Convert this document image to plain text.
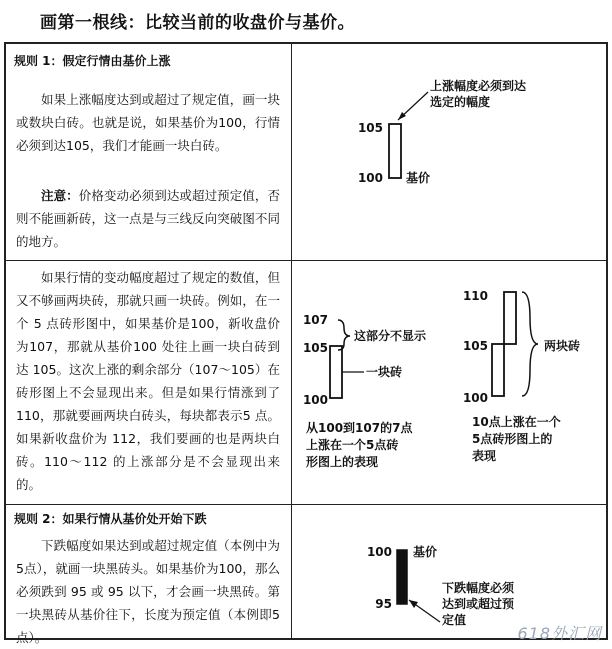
画第一根线：比较当前的收盘价与基价。
规则 1：假定行情由基价上涨
如果上涨幅度达到或超过了规定值，画一块或数块白砖。也就是说，如果基价为100，行情必须到达105，我们才能画一块白砖。
注意：价格变动必须到达或超过预定值，否则不能画新砖，这一点是与三线反向突破图不同的地方。
105
100 基价
上涨幅度必须到达
选定的幅度
如果行情的变动幅度超过了规定的数值，但又不够画两块砖，那就只画一块砖。例如，在一个 5 点砖形图中，如果基价是100，新收盘价为107，那就从基价100 处往上画一块白砖到达 105。这次上涨的剩余部分（107～105）在砖形图上不会显现出来。但是如果行情涨到了110，那就要画两块白砖头，每块都表示5 点。如果新收盘价为 112，我们要画的也是两块白砖。110～112 的上涨部分是不会显现出来的。
107
105
100
这部分不显示
一块砖
从100到107的7点
上涨在一个5点砖
形图上的表现
110
105
100
两块砖
10点上涨在一个
5点砖形图上的
表现
规则 2：如果行情从基价处开始下跌
下跌幅度如果达到或超过规定值（本例中为5点），就画一块黑砖头。如果基价为100，那么必须跌到 95 或 95 以下，才会画一块黑砖。第一块黑砖从基价往下，长度为预定值（本例即5点）。
100
95
基价
下跌幅度必须
达到或超过预
定值
618外汇网
